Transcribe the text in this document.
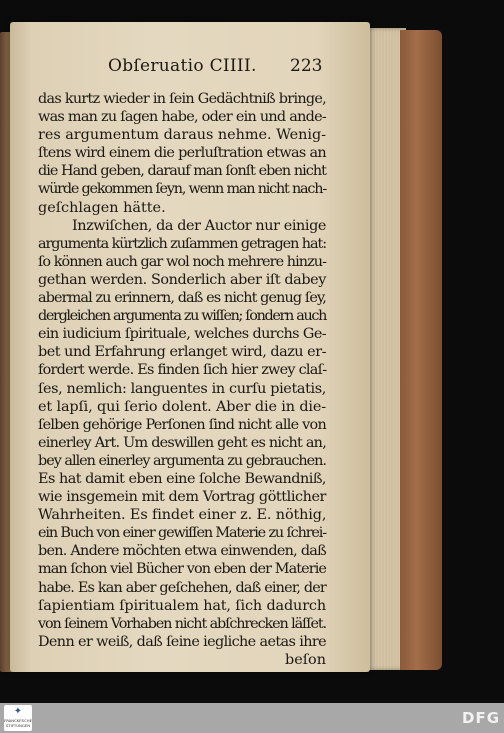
Obſeruatio CIIII. 223
das kurtz wieder in ſein Gedächtniß bringe,
was man zu ſagen habe, oder ein und ande-
res argumentum daraus nehme. Wenig-
ſtens wird einem die perluſtration etwas an
die Hand geben, darauf man ſonſt eben nicht
würde gekommen ſeyn, wenn man nicht nach-
geſchlagen hätte.
Inzwiſchen, da der Auctor nur einige
argumenta kürtzlich zuſammen getragen hat:
ſo können auch gar wol noch mehrere hinzu-
gethan werden. Sonderlich aber iſt dabey
abermal zu erinnern, daß es nicht genug ſey,
dergleichen argumenta zu wiſſen; ſondern auch
ein iudicium ſpirituale, welches durchs Ge-
bet und Erfahrung erlanget wird, dazu er-
fordert werde. Es finden ſich hier zwey claſ-
ſes, nemlich: languentes in curſu pietatis,
et lapſi, qui ſerio dolent. Aber die in die-
ſelben gehörige Perſonen ſind nicht alle von
einerley Art. Um deswillen geht es nicht an,
bey allen einerley argumenta zu gebrauchen.
Es hat damit eben eine ſolche Bewandniß,
wie insgemein mit dem Vortrag göttlicher
Wahrheiten. Es findet einer z. E. nöthig,
ein Buch von einer gewiſſen Materie zu ſchrei-
ben. Andere möchten etwa einwenden, daß
man ſchon viel Bücher von eben der Materie
habe. Es kan aber geſchehen, daß einer, der
ſapientiam ſpiritualem hat, ſich dadurch
von ſeinem Vorhaben nicht abſchrecken läſſet.
Denn er weiß, daß ſeine iegliche aetas ihre
beſon
✦
FRANCKESCHE STIFTUNGEN	DFG
